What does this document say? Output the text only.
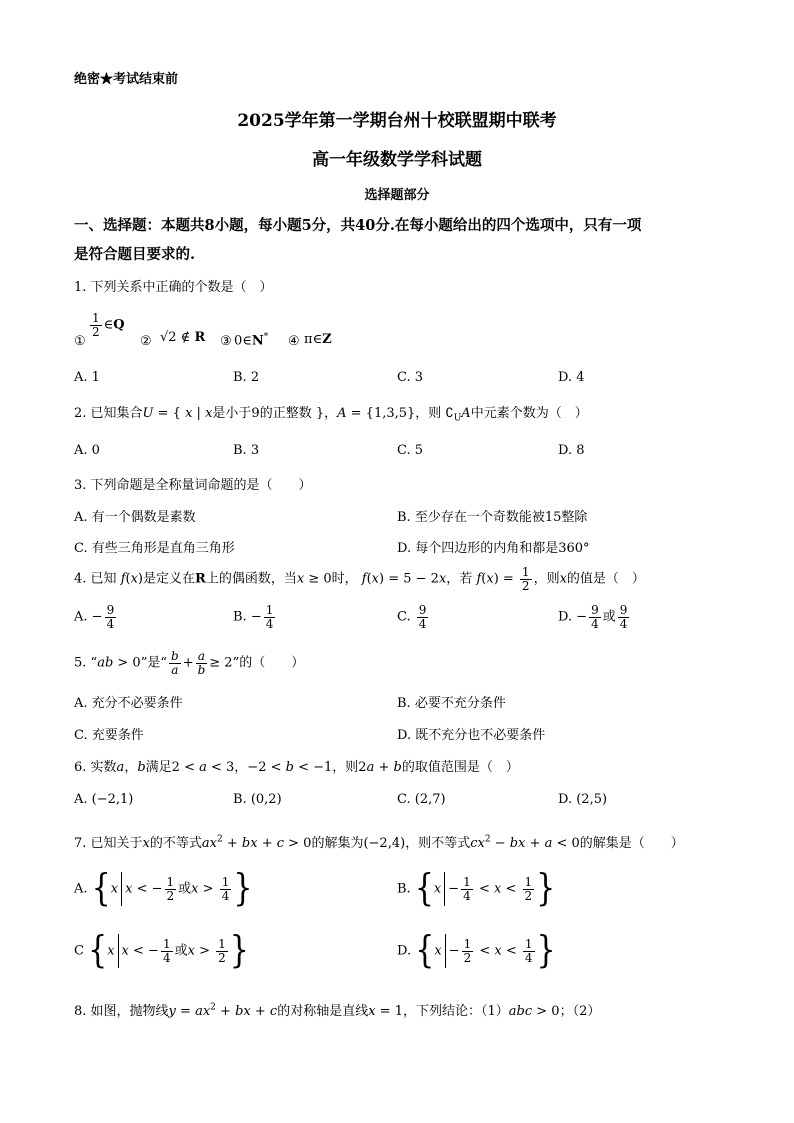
绝密★考试结束前
2025学年第一学期台州十校联盟期中联考
高一年级数学学科试题
选择题部分
一、选择题：本题共8小题，每小题5分，共40分.在每小题给出的四个选项中，只有一项
是符合题目要求的.
1. 下列关系中正确的个数是（　）
①
$\frac{1}{2}$ ∈Q
② √2 ∉ R ③ 0∈N* ④ π∈Z
A. 1	B. 2	C. 3	D. 4
2. 已知集合U = { x | x是小于9的正整数 }，A = {1,3,5}，则 $∁_UA$中元素个数为（　）
A. 0	B. 3	C. 5	D. 8
3. 下列命题是全称量词命题的是（　　）
A. 有一个偶数是素数	B. 至少存在一个奇数能被15整除
C. 有些三角形是直角三角形	D. 每个四边形的内角和都是360°
4. 已知 f(x)是定义在R上的偶函数，当x ≥ 0时， f(x) = 5 − 2x，若 $f(x) = \frac{1}{2}$ ，则x的值是（　）
A. − $\frac{9}{4}$	B. − $\frac{1}{4}$	C. $\frac{9}{4}$	D. − $\frac{9}{4}$ 或 $\frac{9}{4}$
5. “ab > 0”是“ $\frac{b}{a} + \frac{a}{b} \ge 2$”的（　　）
A. 充分不必要条件	B. 必要不充分条件
C. 充要条件	D. 既不充分也不必要条件
6. 实数a，b满足2 < a < 3，−2 < b < −1，则2a + b的取值范围是（　）
A. (−2,1)	B. (0,2)	C. (2,7)	D. (2,5)
7. 已知关于x的不等式$ax^2$ + bx + c > 0的解集为(−2,4)，则不等式$cx^2$ − bx + a < 0的解集是（　　）
A. {x x < − $\frac{1}{2}$ 或$x > \frac{1}{4}$ }	B. {$x - \frac{1}{4} < x < \frac{1}{2}$ }
C {x x < − $\frac{1}{4}$ 或$x > \frac{1}{2}$ }	D. {$x - \frac{1}{2} < x < \frac{1}{4}$ }
8. 如图，抛物线$y = ax^2$ + bx + c的对称轴是直线x = 1，下列结论：（1）abc > 0；（2）
